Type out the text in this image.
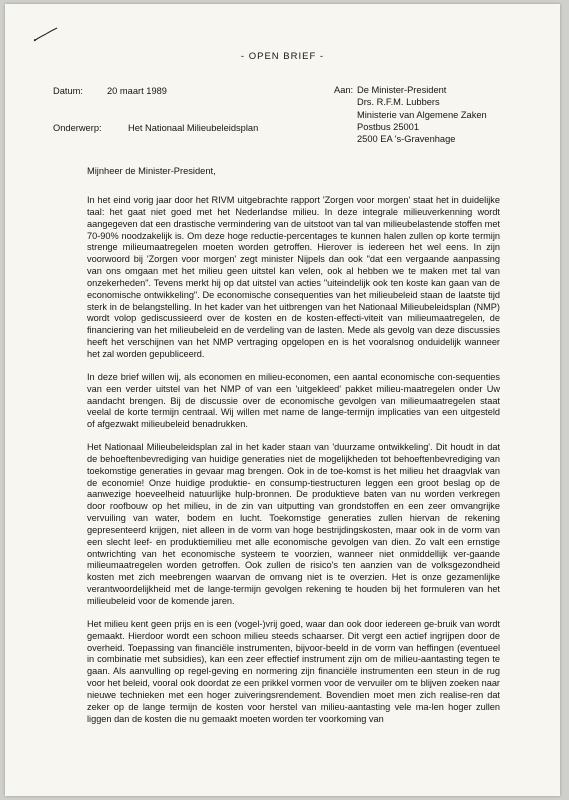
- OPEN BRIEF -
Datum:	20 maart 1989
Onderwerp:	Het Nationaal Milieubeleidsplan
Aan: De Minister-President
Drs. R.F.M. Lubbers
Ministerie van Algemene Zaken
Postbus 25001
2500 EA 's-Gravenhage
Mijnheer de Minister-President,

In het eind vorig jaar door het RIVM uitgebrachte rapport 'Zorgen voor morgen' staat het in duidelijke taal: het gaat niet goed met het Nederlandse milieu. In deze integrale milieuverkenning wordt aangegeven dat een drastische vermindering van de uitstoot van tal van milieubelastende stoffen met 70-90% noodzakelijk is. Om deze hoge reductie-percentages te kunnen halen zullen op korte termijn strenge milieumaatregelen moeten worden getroffen. Hierover is iedereen het wel eens. In zijn voorwoord bij 'Zorgen voor morgen' zegt minister Nijpels dan ook "dat een vergaande aanpassing van ons omgaan met het milieu geen uitstel kan velen, ook al hebben we te maken met tal van onzekerheden". Tevens merkt hij op dat uitstel van acties "uiteindelijk ook ten koste kan gaan van de economische ontwikkeling". De economische consequenties van het milieubeleid staan de laatste tijd sterk in de belangstelling. In het kader van het uitbrengen van het Nationaal Milieubeleidsplan (NMP) wordt volop gediscussieerd over de kosten en de kosten-effecti-viteit van milieumaatregelen, de financiering van het milieubeleid en de verdeling van de lasten. Mede als gevolg van deze discussies heeft het verschijnen van het NMP vertraging opgelopen en is het vooralsnog onduidelijk wanneer het zal worden gepubliceerd.

In deze brief willen wij, als economen en milieu-economen, een aantal economische con-sequenties van een verder uitstel van het NMP of van een 'uitgekleed' pakket milieu-maatregelen onder Uw aandacht brengen. Bij de discussie over de economische gevolgen van milieumaatregelen staat veelal de korte termijn centraal. Wij willen met name de lange-termijn implicaties van een uitgesteld of afgezwakt milieubeleid benadrukken.

Het Nationaal Milieubeleidsplan zal in het kader staan van 'duurzame ontwikkeling'. Dit houdt in dat de behoeftenbevrediging van huidige generaties niet de mogelijkheden tot behoeftenbevrediging van toekomstige generaties in gevaar mag brengen. Ook in de toe-komst is het milieu het draagvlak van de economie! Onze huidige produktie- en consump-tiestructuren leggen een groot beslag op de aanwezige hoeveelheid natuurlijke hulp-bronnen. De produktieve baten van nu worden verkregen door roofbouw op het milieu, in de zin van uitputting van grondstoffen en een zeer omvangrijke vervuiling van water, bodem en lucht. Toekomstige generaties zullen hiervan de rekening gepresenteerd krijgen, niet alleen in de vorm van hoge bestrijdingskosten, maar ook in de vorm van een slecht leef- en produktiemilieu met alle economische gevolgen van dien. Zo valt een ernstige ontwrichting van het economische systeem te voorzien, wanneer niet onmiddellijk ver-gaande milieumaatregelen worden getroffen. Ook zullen de risico's ten aanzien van de volksgezondheid kosten met zich meebrengen waarvan de omvang niet is te overzien. Het is onze gezamenlijke verantwoordelijkheid met de lange-termijn gevolgen rekening te houden bij het formuleren van het milieubeleid voor de komende jaren.

Het milieu kent geen prijs en is een (vogel-)vrij goed, waar dan ook door iedereen ge-bruik van wordt gemaakt. Hierdoor wordt een schoon milieu steeds schaarser. Dit vergt een actief ingrijpen door de overheid. Toepassing van financiële instrumenten, bijvoor-beeld in de vorm van heffingen (eventueel in combinatie met subsidies), kan een zeer effectief instrument zijn om de milieu-aantasting tegen te gaan. Als aanvulling op regel-geving en normering zijn financiële instrumenten een steun in de rug voor het beleid, vooral ook doordat ze een prikkel vormen voor de vervuiler om te blijven zoeken naar nieuwe technieken met een hoger zuiveringsrendement. Bovendien moet men zich realise-ren dat zeker op de lange termijn de kosten voor herstel van milieu-aantasting vele ma-len hoger zullen liggen dan de kosten die nu gemaakt moeten worden ter voorkoming van
